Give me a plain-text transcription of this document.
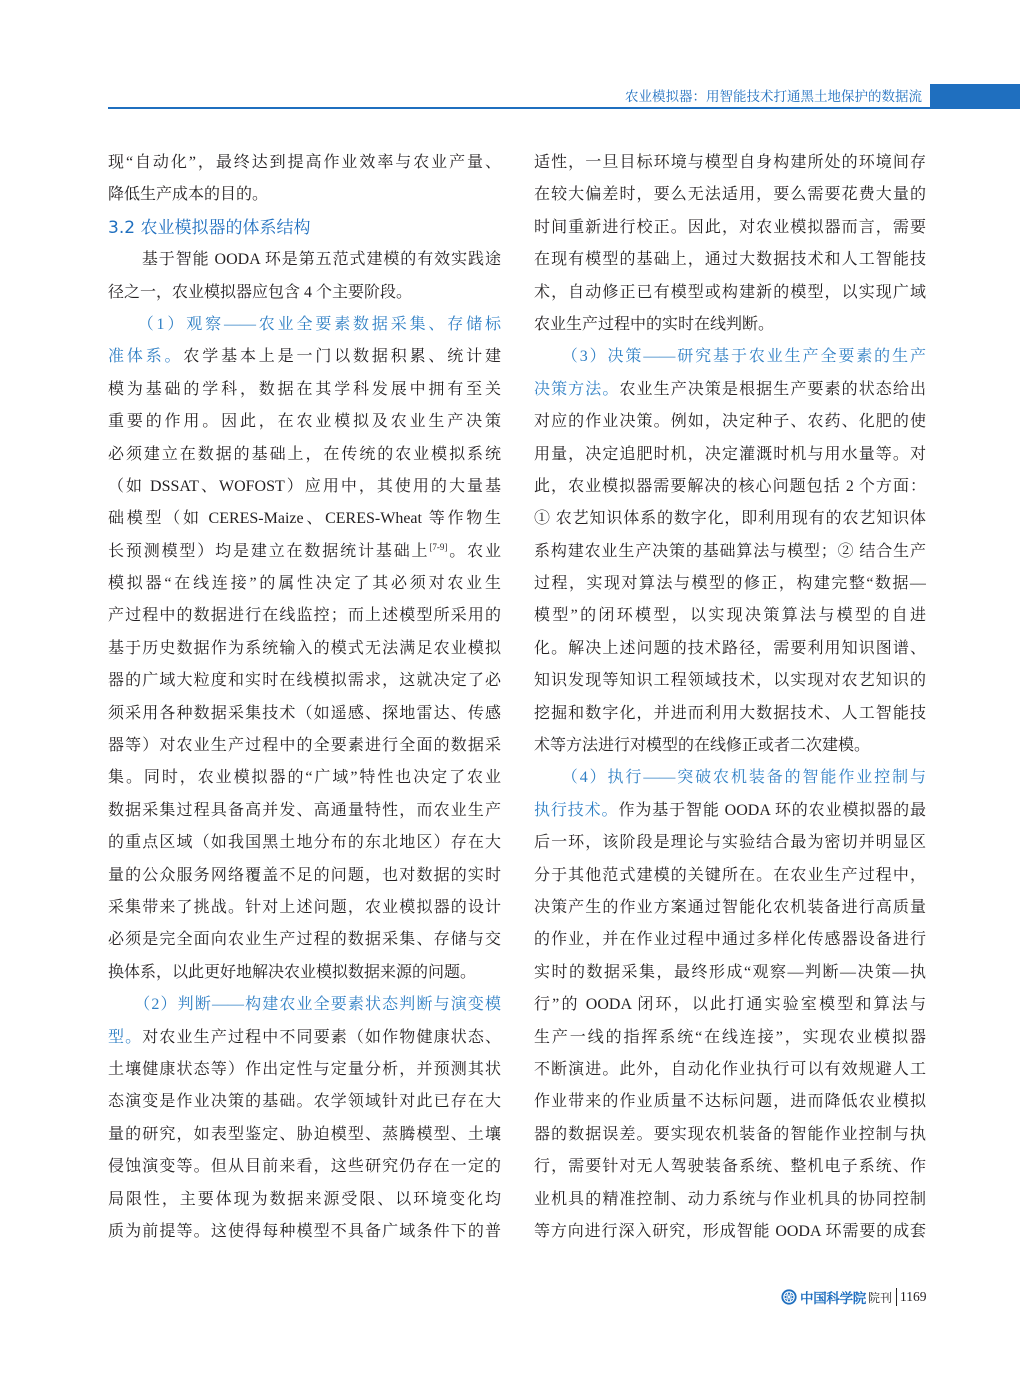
农业模拟器：用智能技术打通黑土地保护的数据流
现“自动化”，最终达到提高作业效率与农业产量、
降低生产成本的目的。
3.2 农业模拟器的体系结构
　　基于智能 OODA 环是第五范式建模的有效实践途
径之一，农业模拟器应包含 4 个主要阶段。
　　（1）观察——农业全要素数据采集、存储标
准体系。农学基本上是一门以数据积累、统计建
模为基础的学科，数据在其学科发展中拥有至关
重要的作用。因此，在农业模拟及农业生产决策
必须建立在数据的基础上，在传统的农业模拟系统
（如 DSSAT、WOFOST）应用中，其使用的大量基
础模型（如 CERES-Maize、CERES-Wheat 等作物生
长预测模型）均是建立在数据统计基础上[7-9]。农业
模拟器“在线连接”的属性决定了其必须对农业生
产过程中的数据进行在线监控；而上述模型所采用的
基于历史数据作为系统输入的模式无法满足农业模拟
器的广域大粒度和实时在线模拟需求，这就决定了必
须采用各种数据采集技术（如遥感、探地雷达、传感
器等）对农业生产过程中的全要素进行全面的数据采
集。同时，农业模拟器的“广域”特性也决定了农业
数据采集过程具备高并发、高通量特性，而农业生产
的重点区域（如我国黑土地分布的东北地区）存在大
量的公众服务网络覆盖不足的问题，也对数据的实时
采集带来了挑战。针对上述问题，农业模拟器的设计
必须是完全面向农业生产过程的数据采集、存储与交
换体系，以此更好地解决农业模拟数据来源的问题。
　　（2）判断——构建农业全要素状态判断与演变模
型。对农业生产过程中不同要素（如作物健康状态、
土壤健康状态等）作出定性与定量分析，并预测其状
态演变是作业决策的基础。农学领域针对此已存在大
量的研究，如表型鉴定、胁迫模型、蒸腾模型、土壤
侵蚀演变等。但从目前来看，这些研究仍存在一定的
局限性，主要体现为数据来源受限、以环境变化均
质为前提等。这使得每种模型不具备广域条件下的普
适性，一旦目标环境与模型自身构建所处的环境间存
在较大偏差时，要么无法适用，要么需要花费大量的
时间重新进行校正。因此，对农业模拟器而言，需要
在现有模型的基础上，通过大数据技术和人工智能技
术，自动修正已有模型或构建新的模型，以实现广域
农业生产过程中的实时在线判断。
　　（3）决策——研究基于农业生产全要素的生产
决策方法。农业生产决策是根据生产要素的状态给出
对应的作业决策。例如，决定种子、农药、化肥的使
用量，决定追肥时机，决定灌溉时机与用水量等。对
此，农业模拟器需要解决的核心问题包括 2 个方面：
① 农艺知识体系的数字化，即利用现有的农艺知识体
系构建农业生产决策的基础算法与模型；② 结合生产
过程，实现对算法与模型的修正，构建完整“数据—
模型”的闭环模型，以实现决策算法与模型的自进
化。解决上述问题的技术路径，需要利用知识图谱、
知识发现等知识工程领域技术，以实现对农艺知识的
挖掘和数字化，并进而利用大数据技术、人工智能技
术等方法进行对模型的在线修正或者二次建模。
　　（4）执行——突破农机装备的智能作业控制与
执行技术。作为基于智能 OODA 环的农业模拟器的最
后一环，该阶段是理论与实验结合最为密切并明显区
分于其他范式建模的关键所在。在农业生产过程中，
决策产生的作业方案通过智能化农机装备进行高质量
的作业，并在作业过程中通过多样化传感器设备进行
实时的数据采集，最终形成“观察—判断—决策—执
行”的 OODA 闭环，以此打通实验室模型和算法与
生产一线的指挥系统“在线连接”，实现农业模拟器
不断演进。此外，自动化作业执行可以有效规避人工
作业带来的作业质量不达标问题，进而降低农业模拟
器的数据误差。要实现农机装备的智能作业控制与执
行，需要针对无人驾驶装备系统、整机电子系统、作
业机具的精准控制、动力系统与作业机具的协同控制
等方向进行深入研究，形成智能 OODA 环需要的成套
中国科学院 院刊 1169
